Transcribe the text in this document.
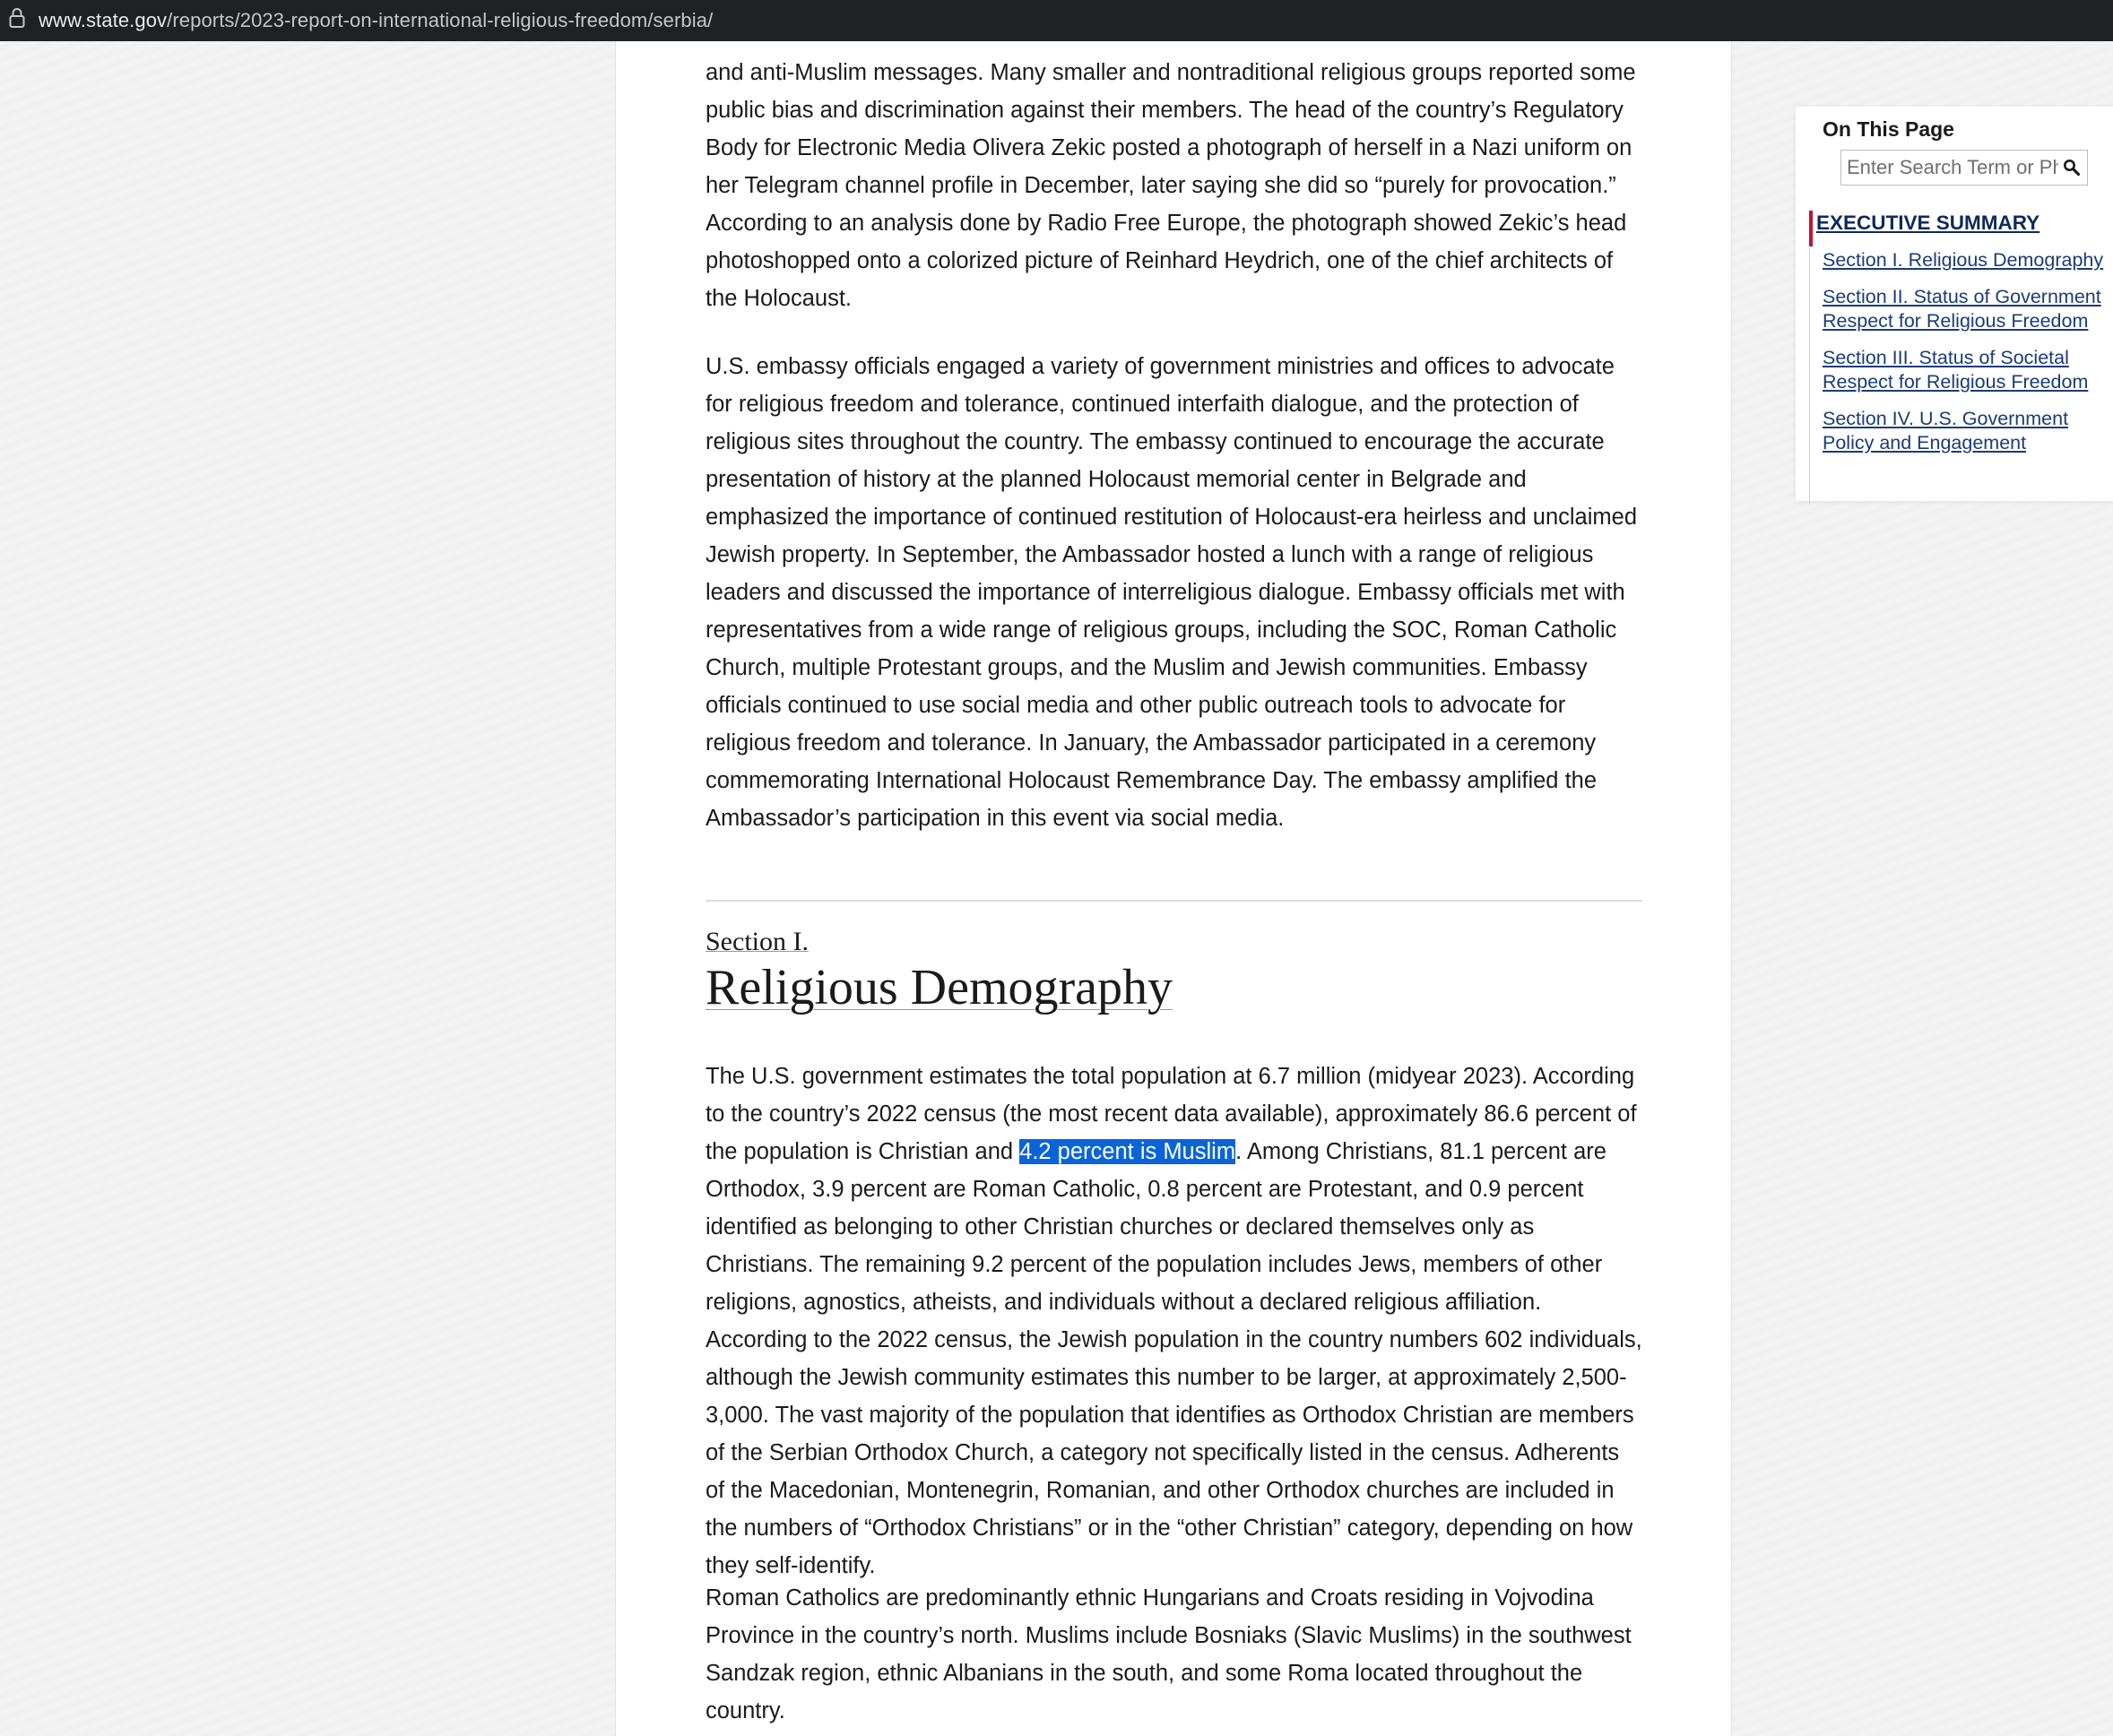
www.state.gov/reports/2023-report-on-international-religious-freedom/serbia/

and anti-Muslim messages. Many smaller and nontraditional religious groups reported some public bias and discrimination against their members. The head of the country’s Regulatory Body for Electronic Media Olivera Zekic posted a photograph of herself in a Nazi uniform on her Telegram channel profile in December, later saying she did so “purely for provocation.” According to an analysis done by Radio Free Europe, the photograph showed Zekic’s head photoshopped onto a colorized picture of Reinhard Heydrich, one of the chief architects of the Holocaust.

U.S. embassy officials engaged a variety of government ministries and offices to advocate for religious freedom and tolerance, continued interfaith dialogue, and the protection of religious sites throughout the country. The embassy continued to encourage the accurate presentation of history at the planned Holocaust memorial center in Belgrade and emphasized the importance of continued restitution of Holocaust-era heirless and unclaimed Jewish property. In September, the Ambassador hosted a lunch with a range of religious leaders and discussed the importance of interreligious dialogue. Embassy officials met with representatives from a wide range of religious groups, including the SOC, Roman Catholic Church, multiple Protestant groups, and the Muslim and Jewish communities. Embassy officials continued to use social media and other public outreach tools to advocate for religious freedom and tolerance. In January, the Ambassador participated in a ceremony commemorating International Holocaust Remembrance Day. The embassy amplified the Ambassador’s participation in this event via social media.

Section I.
Religious Demography

The U.S. government estimates the total population at 6.7 million (midyear 2023). According to the country’s 2022 census (the most recent data available), approximately 86.6 percent of the population is Christian and 4.2 percent is Muslim. Among Christians, 81.1 percent are Orthodox, 3.9 percent are Roman Catholic, 0.8 percent are Protestant, and 0.9 percent identified as belonging to other Christian churches or declared themselves only as Christians. The remaining 9.2 percent of the population includes Jews, members of other religions, agnostics, atheists, and individuals without a declared religious affiliation. According to the 2022 census, the Jewish population in the country numbers 602 individuals, although the Jewish community estimates this number to be larger, at approximately 2,500-3,000. The vast majority of the population that identifies as Orthodox Christian are members of the Serbian Orthodox Church, a category not specifically listed in the census. Adherents of the Macedonian, Montenegrin, Romanian, and other Orthodox churches are included in the numbers of “Orthodox Christians” or in the “other Christian” category, depending on how they self-identify.

Roman Catholics are predominantly ethnic Hungarians and Croats residing in Vojvodina Province in the country’s north. Muslims include Bosniaks (Slavic Muslims) in the southwest Sandzak region, ethnic Albanians in the south, and some Roma located throughout the country.

On This Page
Enter Search Term or Phrase
EXECUTIVE SUMMARY
Section I. Religious Demography
Section II. Status of Government Respect for Religious Freedom
Section III. Status of Societal Respect for Religious Freedom
Section IV. U.S. Government Policy and Engagement
